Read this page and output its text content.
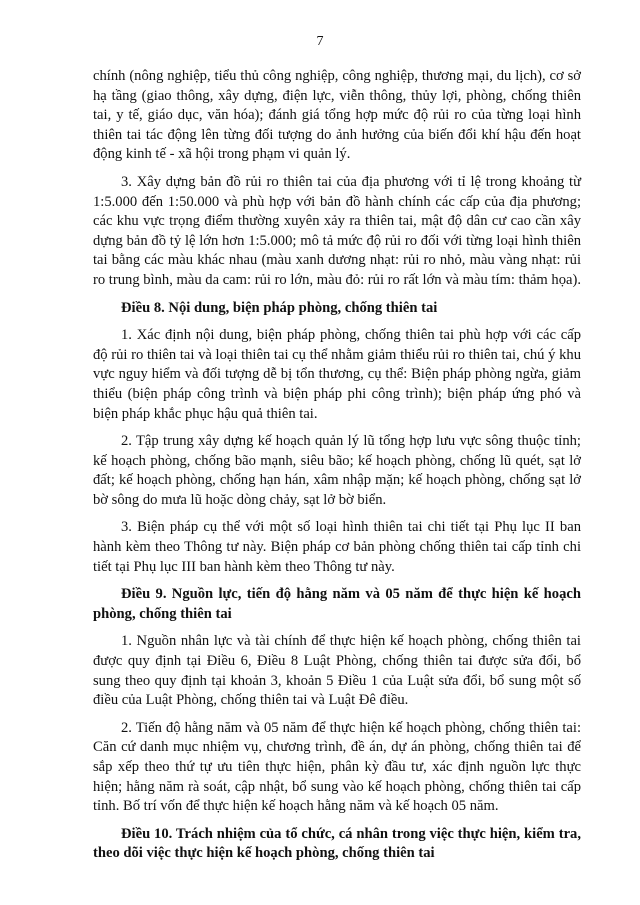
7

chính (nông nghiệp, tiểu thủ công nghiệp, công nghiệp, thương mại, du lịch), cơ sở hạ tầng (giao thông, xây dựng, điện lực, viễn thông, thủy lợi, phòng, chống thiên tai, y tế, giáo dục, văn hóa); đánh giá tổng hợp mức độ rủi ro của từng loại hình thiên tai tác động lên từng đối tượng do ảnh hưởng của biến đổi khí hậu đến hoạt động kinh tế - xã hội trong phạm vi quản lý.

3. Xây dựng bản đồ rủi ro thiên tai của địa phương với tỉ lệ trong khoảng từ 1:5.000 đến 1:50.000 và phù hợp với bản đồ hành chính các cấp của địa phương; các khu vực trọng điểm thường xuyên xảy ra thiên tai, mật độ dân cư cao cần xây dựng bản đồ tỷ lệ lớn hơn 1:5.000; mô tả mức độ rủi ro đối với từng loại hình thiên tai bằng các màu khác nhau (màu xanh dương nhạt: rủi ro nhỏ, màu vàng nhạt: rủi ro trung bình, màu da cam: rủi ro lớn, màu đỏ: rủi ro rất lớn và màu tím: thảm họa).

Điều 8. Nội dung, biện pháp phòng, chống thiên tai

1. Xác định nội dung, biện pháp phòng, chống thiên tai phù hợp với các cấp độ rủi ro thiên tai và loại thiên tai cụ thể nhằm giảm thiểu rủi ro thiên tai, chú ý khu vực nguy hiểm và đối tượng dễ bị tổn thương, cụ thể: Biện pháp phòng ngừa, giảm thiểu (biện pháp công trình và biện pháp phi công trình); biện pháp ứng phó và biện pháp khắc phục hậu quả thiên tai.

2. Tập trung xây dựng kế hoạch quản lý lũ tổng hợp lưu vực sông thuộc tỉnh; kế hoạch phòng, chống bão mạnh, siêu bão; kế hoạch phòng, chống lũ quét, sạt lở đất; kế hoạch phòng, chống hạn hán, xâm nhập mặn; kế hoạch phòng, chống sạt lở bờ sông do mưa lũ hoặc dòng chảy, sạt lở bờ biển.

3. Biện pháp cụ thể với một số loại hình thiên tai chi tiết tại Phụ lục II ban hành kèm theo Thông tư này. Biện pháp cơ bản phòng chống thiên tai cấp tỉnh chi tiết tại Phụ lục III ban hành kèm theo Thông tư này.

Điều 9. Nguồn lực, tiến độ hằng năm và 05 năm để thực hiện kế hoạch phòng, chống thiên tai

1. Nguồn nhân lực và tài chính để thực hiện kế hoạch phòng, chống thiên tai được quy định tại Điều 6, Điều 8 Luật Phòng, chống thiên tai được sửa đổi, bổ sung theo quy định tại khoản 3, khoản 5 Điều 1 của Luật sửa đổi, bổ sung một số điều của Luật Phòng, chống thiên tai và Luật Đê điều.

2. Tiến độ hằng năm và 05 năm để thực hiện kế hoạch phòng, chống thiên tai: Căn cứ danh mục nhiệm vụ, chương trình, đề án, dự án phòng, chống thiên tai để sắp xếp theo thứ tự ưu tiên thực hiện, phân kỳ đầu tư, xác định nguồn lực thực hiện; hằng năm rà soát, cập nhật, bổ sung vào kế hoạch phòng, chống thiên tai cấp tỉnh. Bố trí vốn để thực hiện kế hoạch hằng năm và kế hoạch 05 năm.

Điều 10. Trách nhiệm của tổ chức, cá nhân trong việc thực hiện, kiểm tra, theo dõi việc thực hiện kế hoạch phòng, chống thiên tai
